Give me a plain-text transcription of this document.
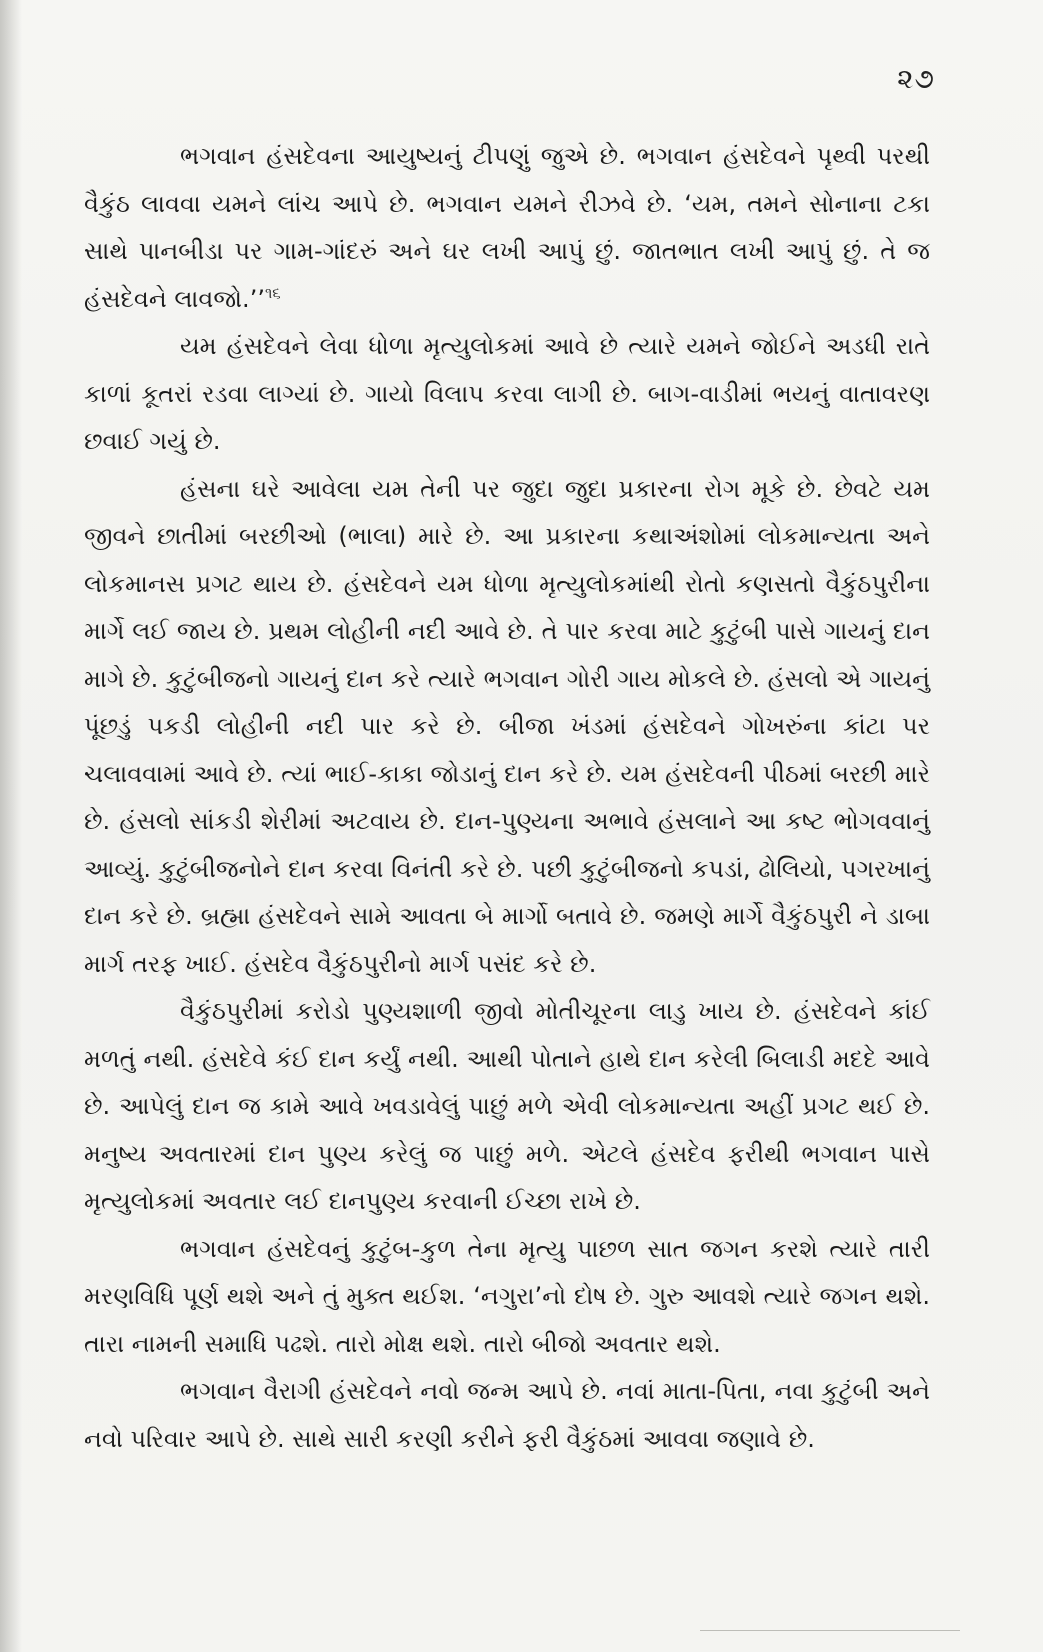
૨૭

ભગવાન હંસદેવના આયુષ્યનું ટીપણું જુએ છે. ભગવાન હંસદેવને પૃથ્વી પરથી વૈકુંઠ લાવવા યમને લાંચ આપે છે. ભગવાન યમને રીઝવે છે. ‘યમ, તમને સોનાના ટકા સાથે પાનબીડા પર ગામ-ગાંદરું અને ઘર લખી આપું છું. જાતભાત લખી આપું છું. તે જ હંસદેવને લાવજો.’’$^{૧૬}$

યમ હંસદેવને લેવા ધોળા મૃત્યુલોકમાં આવે છે ત્યારે યમને જોઈને અડધી રાતે કાળાં કૂતરાં રડવા લાગ્યાં છે. ગાયો વિલાપ કરવા લાગી છે. બાગ-વાડીમાં ભયનું વાતાવરણ છવાઈ ગયું છે.

હંસના ઘરે આવેલા યમ તેની પર જુદા જુદા પ્રકારના રોગ મૂકે છે. છેવટે યમ જીવને છાતીમાં બરછીઓ (ભાલા) મારે છે. આ પ્રકારના કથાઅંશોમાં લોકમાન્યતા અને લોકમાનસ પ્રગટ થાય છે. હંસદેવને યમ ધોળા મૃત્યુલોકમાંથી રોતો કણસતો વૈકુંઠપુરીના માર્ગે લઈ જાય છે. પ્રથમ લોહીની નદી આવે છે. તે પાર કરવા માટે કુટુંબી પાસે ગાયનું દાન માગે છે. કુટુંબીજનો ગાયનું દાન કરે ત્યારે ભગવાન ગોરી ગાય મોકલે છે. હંસલો એ ગાયનું પૂંછડું પકડી લોહીની નદી પાર કરે છે. બીજા ખંડમાં હંસદેવને ગોખરુંના કાંટા પર ચલાવવામાં આવે છે. ત્યાં ભાઈ-કાકા જોડાનું દાન કરે છે. યમ હંસદેવની પીઠમાં બરછી મારે છે. હંસલો સાંકડી શેરીમાં અટવાય છે. દાન-પુણ્યના અભાવે હંસલાને આ કષ્ટ ભોગવવાનું આવ્યું. કુટુંબીજનોને દાન કરવા વિનંતી કરે છે. પછી કુટુંબીજનો કપડાં, ઢોલિયો, પગરખાનું દાન કરે છે. બ્રહ્મા હંસદેવને સામે આવતા બે માર્ગો બતાવે છે. જમણે માર્ગે વૈકુંઠપુરી ને ડાબા માર્ગ તરફ ખાઈ. હંસદેવ વૈકુંઠપુરીનો માર્ગ પસંદ કરે છે.

વૈકુંઠપુરીમાં કરોડો પુણ્યશાળી જીવો મોતીચૂરના લાડુ ખાય છે. હંસદેવને કાંઈ મળતું નથી. હંસદેવે કંઈ દાન કર્યું નથી. આથી પોતાને હાથે દાન કરેલી બિલાડી મદદે આવે છે. આપેલું દાન જ કામે આવે ખવડાવેલું પાછું મળે એવી લોકમાન્યતા અહીં પ્રગટ થઈ છે. મનુષ્ય અવતારમાં દાન પુણ્ય કરેલું જ પાછું મળે. એટલે હંસદેવ ફરીથી ભગવાન પાસે મૃત્યુલોકમાં અવતાર લઈ દાનપુણ્ય કરવાની ઈચ્છા રાખે છે.

ભગવાન હંસદેવનું કુટુંબ-કુળ તેના મૃત્યુ પાછળ સાત જગન કરશે ત્યારે તારી મરણવિધિ પૂર્ણ થશે અને તું મુક્ત થઈશ. ‘નગુરા’નો દોષ છે. ગુરુ આવશે ત્યારે જગન થશે. તારા નામની સમાધિ પઢશે. તારો મોક્ષ થશે. તારો બીજો અવતાર થશે.

ભગવાન વૈરાગી હંસદેવને નવો જન્મ આપે છે. નવાં માતા-પિતા, નવા કુટુંબી અને નવો પરિવાર આપે છે. સાથે સારી કરણી કરીને ફરી વૈકુંઠમાં આવવા જણાવે છે.
